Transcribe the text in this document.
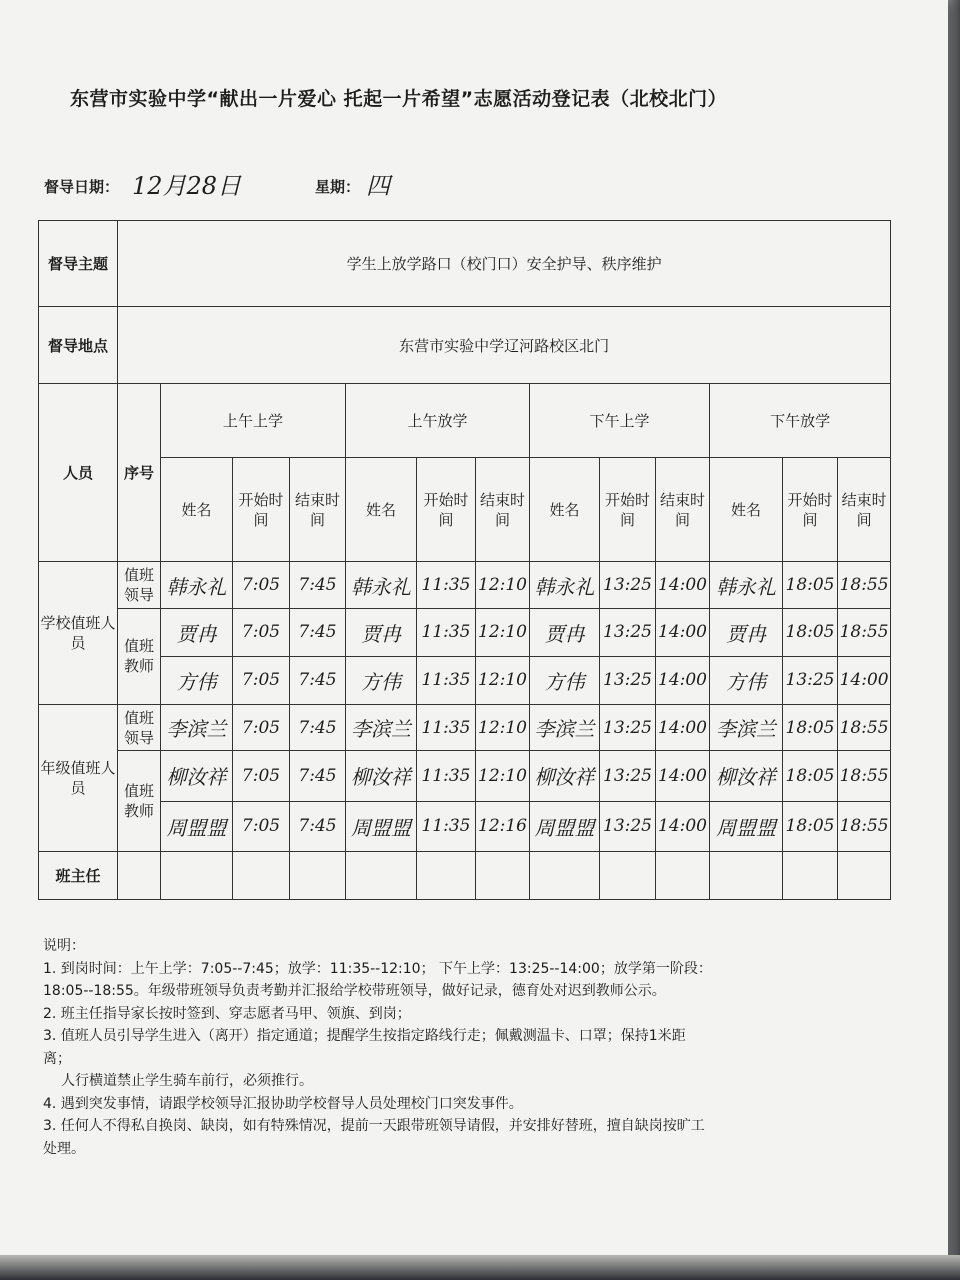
东营市实验中学“献出一片爱心 托起一片希望”志愿活动登记表（北校北门）
督导日期： 12月28日	星期： 四
督导主题	学生上放学路口（校门口）安全护导、秩序维护												
督导地点	东营市实验中学辽河路校区北门												
人员	序号	上午上学			上午放学			下午上学			下午放学		
		姓名	开始时间	结束时间	姓名	开始时间	结束时间	姓名	开始时间	结束时间	姓名	开始时间	结束时间
学校值班人员	值班领导	韩永礼	7:05	7:45	韩永礼	11:35	12:10	韩永礼	13:25	14:00	韩永礼	18:05	18:55
	值班教师	贾冉	7:05	7:45	贾冉	11:35	12:10	贾冉	13:25	14:00	贾冉	18:05	18:55
		方伟	7:05	7:45	方伟	11:35	12:10	方伟	13:25	14:00	方伟	13:25	14:00
年级值班人员	值班领导	李滨兰	7:05	7:45	李滨兰	11:35	12:10	李滨兰	13:25	14:00	李滨兰	18:05	18:55
	值班教师	柳汝祥	7:05	7:45	柳汝祥	11:35	12:10	柳汝祥	13:25	14:00	柳汝祥	18:05	18:55
		周盟盟	7:05	7:45	周盟盟	11:35	12:16	周盟盟	13:25	14:00	周盟盟	18:05	18:55
班主任													

说明：

1. 到岗时间：上午上学：7:05--7:45；放学：11:35--12:10； 下午上学：13:25--14:00；放学第一阶段：

18:05--18:55。年级带班领导负责考勤并汇报给学校带班领导，做好记录，德育处对迟到教师公示。

2. 班主任指导家长按时签到、穿志愿者马甲、领旗、到岗；

3. 值班人员引导学生进入（离开）指定通道；提醒学生按指定路线行走；佩戴测温卡、口罩；保持1米距

离；

人行横道禁止学生骑车前行，必须推行。

4. 遇到突发事情，请跟学校领导汇报协助学校督导人员处理校门口突发事件。

3. 任何人不得私自换岗、缺岗，如有特殊情况，提前一天跟带班领导请假，并安排好替班，擅自缺岗按旷工

处理。
